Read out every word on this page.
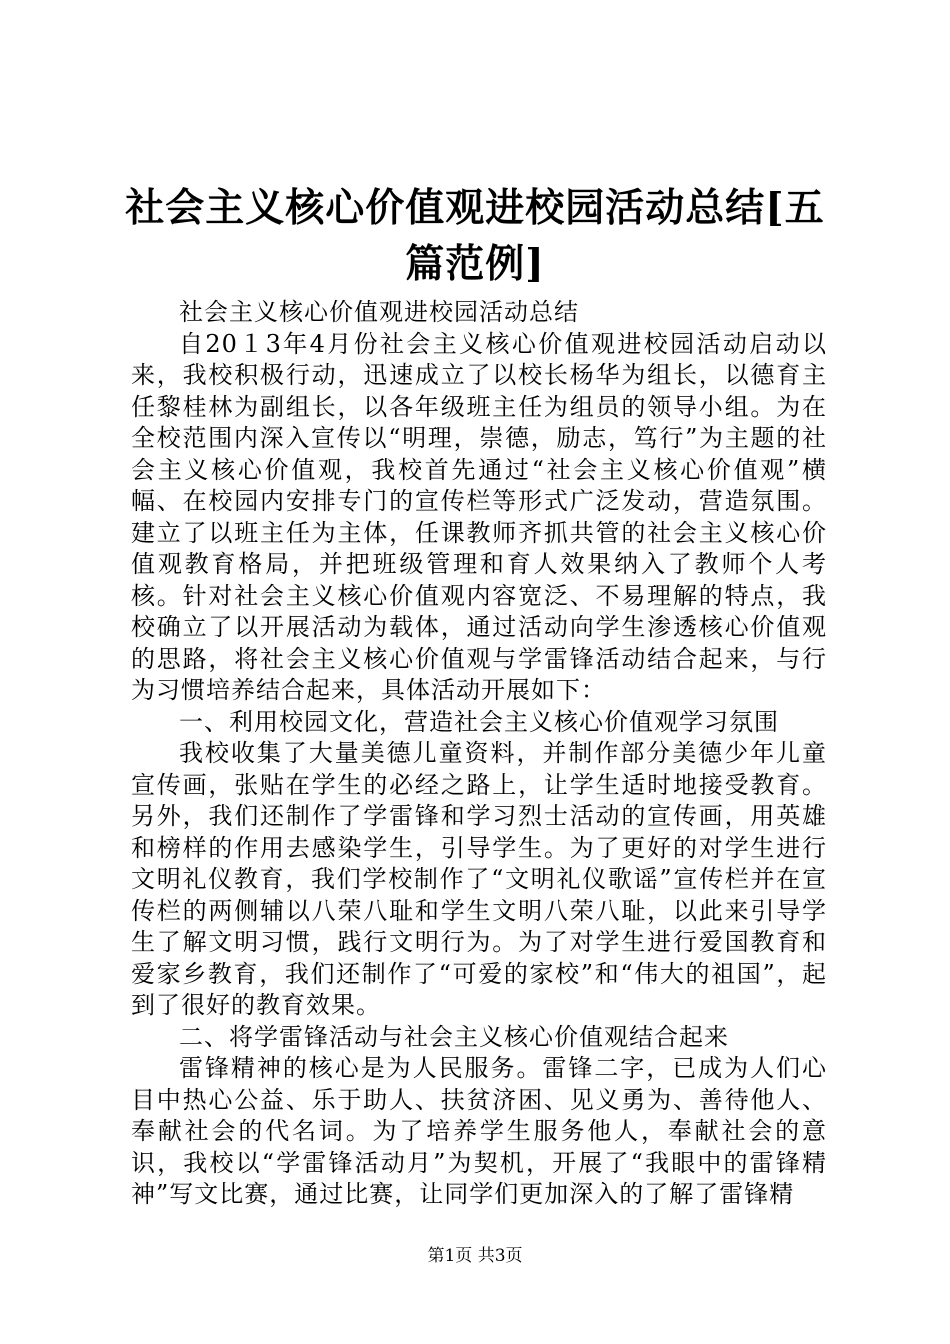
社会主义核心价值观进校园活动总结[五篇范例]

社会主义核心价值观进校园活动总结

自20１3年4月份社会主义核心价值观进校园活动启动以来，我校积极行动，迅速成立了以校长杨华为组长，以德育主任黎桂林为副组长，以各年级班主任为组员的领导小组。为在全校范围内深入宣传以“明理，崇德，励志，笃行”为主题的社会主义核心价值观，我校首先通过“社会主义核心价值观”横幅、在校园内安排专门的宣传栏等形式广泛发动，营造氛围。建立了以班主任为主体，任课教师齐抓共管的社会主义核心价值观教育格局，并把班级管理和育人效果纳入了教师个人考核。针对社会主义核心价值观内容宽泛、不易理解的特点，我校确立了以开展活动为载体，通过活动向学生渗透核心价值观的思路，将社会主义核心价值观与学雷锋活动结合起来，与行为习惯培养结合起来，具体活动开展如下：

一、利用校园文化，营造社会主义核心价值观学习氛围

我校收集了大量美德儿童资料，并制作部分美德少年儿童宣传画，张贴在学生的必经之路上，让学生适时地接受教育。另外，我们还制作了学雷锋和学习烈士活动的宣传画，用英雄和榜样的作用去感染学生，引导学生。为了更好的对学生进行文明礼仪教育，我们学校制作了“文明礼仪歌谣”宣传栏并在宣传栏的两侧辅以八荣八耻和学生文明八荣八耻，以此来引导学生了解文明习惯，践行文明行为。为了对学生进行爱国教育和爱家乡教育，我们还制作了“可爱的家校”和“伟大的祖国”，起到了很好的教育效果。

二、将学雷锋活动与社会主义核心价值观结合起来

雷锋精神的核心是为人民服务。雷锋二字，已成为人们心目中热心公益、乐于助人、扶贫济困、见义勇为、善待他人、奉献社会的代名词。为了培养学生服务他人，奉献社会的意识，我校以“学雷锋活动月”为契机，开展了“我眼中的雷锋精神”写文比赛，通过比赛，让同学们更加深入的了解了雷锋精

第1页 共3页
